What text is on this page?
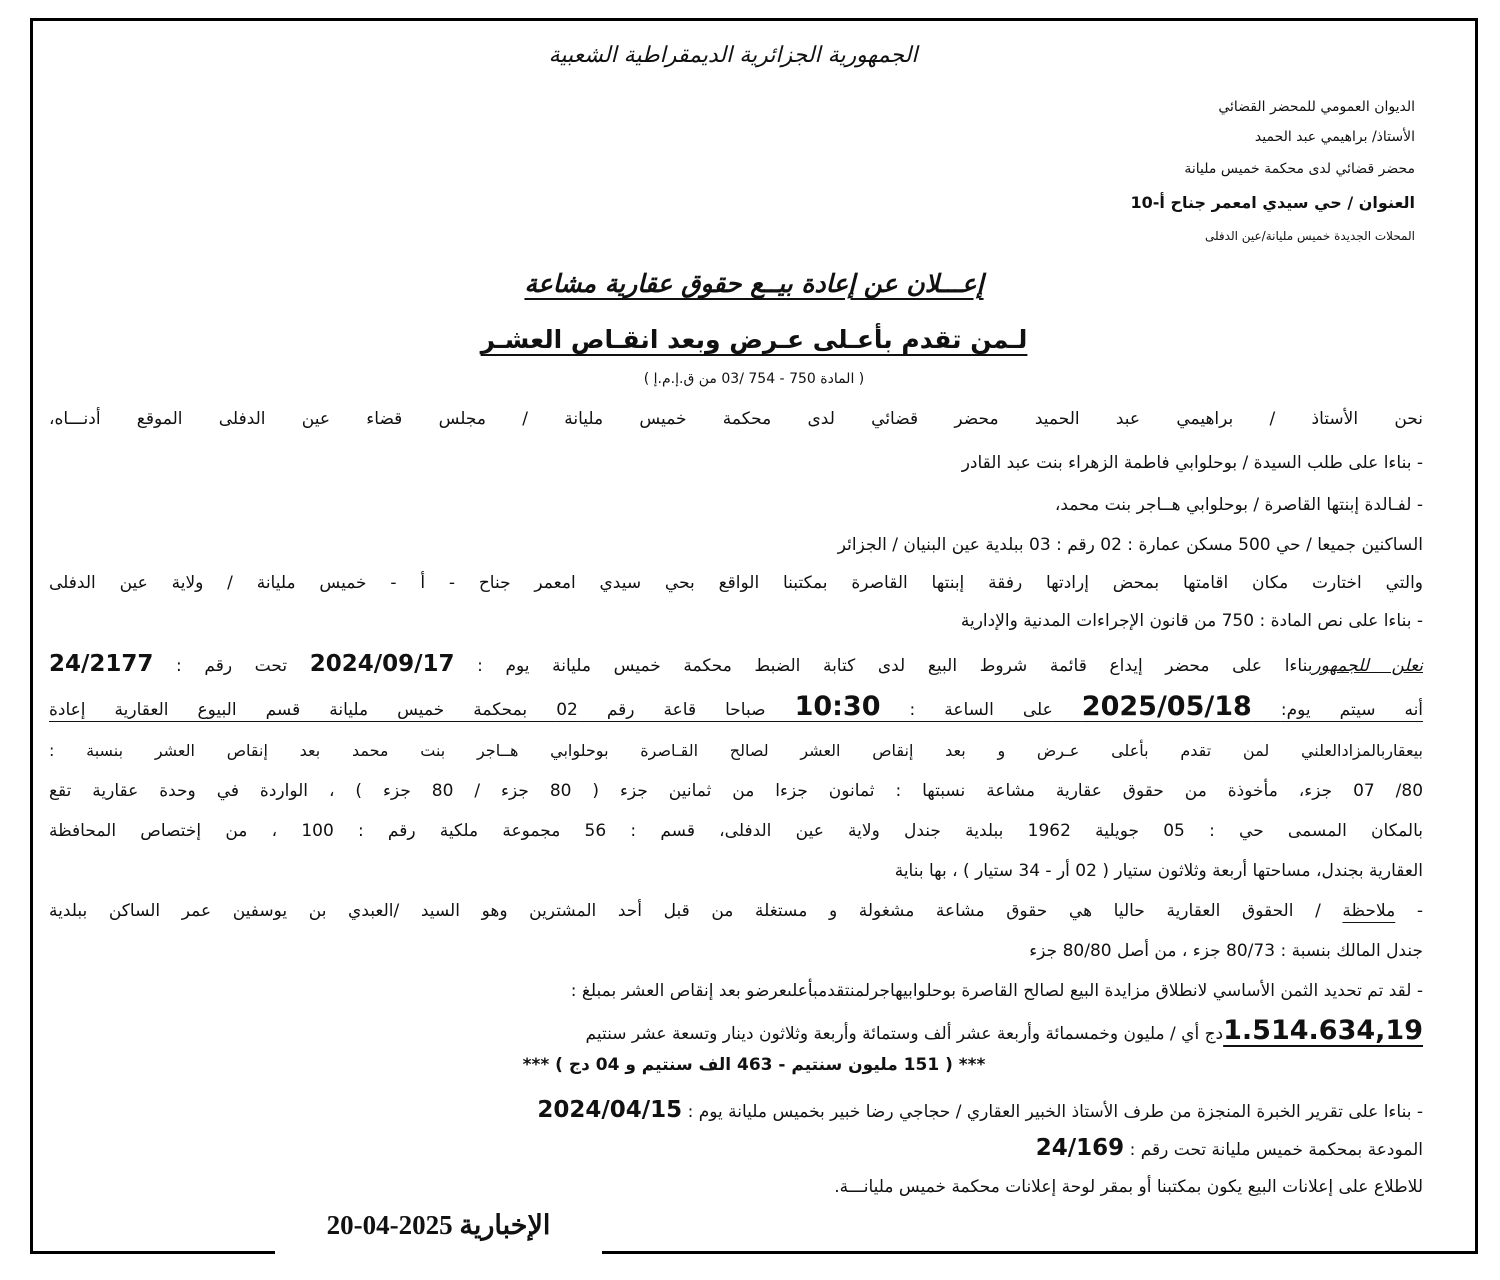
الجمهورية الجزائرية الديمقراطية الشعبية
الديوان العمومي للمحضر القضائي
الأستاذ/ براهيمي عبد الحميد
محضر قضائي لدى محكمة خميس مليانة
العنوان / حي سيدي امعمر جناح أ-10
المحلات الجديدة خميس مليانة/عين الدفلى
إعـــلان عن إعادة بيــع حقوق عقارية مشاعة
لـمن تقدم بأعـلى عـرض وبعد انقـاص العشـر
( المادة 750 - 754 /03 من ق.إ.م.إ )
نحن الأستاذ / براهيمي عبد الحميد محضر قضائي لدى محكمة خميس مليانة / مجلس قضاء عين الدفلى الموقع أدنـــاه،
- بناءا على طلب السيدة / بوحلوابي فاطمة الزهراء بنت عبد القادر
- لفـالدة إبنتها القاصرة / بوحلوابي هــاجر بنت محمد،
الساكنين جميعا / حي 500 مسكن عمارة : 02 رقم : 03 ببلدية عين البنيان / الجزائر
والتي اختارت مكان اقامتها بمحض إرادتها رفقة إبنتها القاصرة بمكتبنا الواقع بحي سيدي امعمر جناح - أ - خميس مليانة / ولاية عين الدفلى
- بناءا على نص المادة : 750 من قانون الإجراءات المدنية والإدارية
نعلن للجمهوربناءا على محضر إيداع قائمة شروط البيع لدى كتابة الضبط محكمة خميس مليانة يوم : 2024/09/17 تحت رقم : 24/2177
أنه سيتم يوم: 2025/05/18 على الساعة : 10:30 صباحا قاعة رقم 02 بمحكمة خميس مليانة قسم البيوع العقارية إعادة
بيعقاربالمزادالعلني لمن تقدم بأعلى عـرض و بعد إنقاص العشر لصالح القـاصرة بوحلوابي هــاجر بنت محمد بعد إنقاص العشر بنسبة :
80/ 07 جزء، مأخوذة من حقوق عقارية مشاعة نسبتها : ثمانون جزءا من ثمانين جزء ( 80 جزء / 80 جزء ) ، الواردة في وحدة عقارية تقع
بالمكان المسمى حي : 05 جويلية 1962 ببلدية جندل ولاية عين الدفلى، قسم : 56 مجموعة ملكية رقم : 100 ، من إختصاص المحافظة
العقارية بجندل، مساحتها أربعة وثلاثون ستيار ( 02 أر - 34 ستيار ) ، بها بناية
- ملاحظة / الحقوق العقارية حاليا هي حقوق مشاعة مشغولة و مستغلة من قبل أحد المشترين وهو السيد /العبدي بن يوسفين عمر الساكن ببلدية
جندل المالك بنسبة : 80/73 جزء ، من أصل 80/80 جزء
- لقد تم تحديد الثمن الأساسي لانطلاق مزايدة البيع لصالح القاصرة بوحلوابيهاجرلمنتقدمبأعلىعرضو بعد إنقاص العشر بمبلغ :
1.514.634,19دج أي / مليون وخمسمائة وأربعة عشر ألف وستمائة وأربعة وثلاثون دينار وتسعة عشر سنتيم
*** ( 151 مليون سنتيم - 463 الف سنتيم و 04 دج ) ***
- بناءا على تقرير الخبرة المنجزة من طرف الأستاذ الخبير العقاري / حجاجي رضا خبير بخميس مليانة يوم : 2024/04/15
المودعة بمحكمة خميس مليانة تحت رقم : 24/169
للاطلاع على إعلانات البيع يكون بمكتبنا أو بمقر لوحة إعلانات محكمة خميس مليانـــة.
الإخبارية 2025-04-20
